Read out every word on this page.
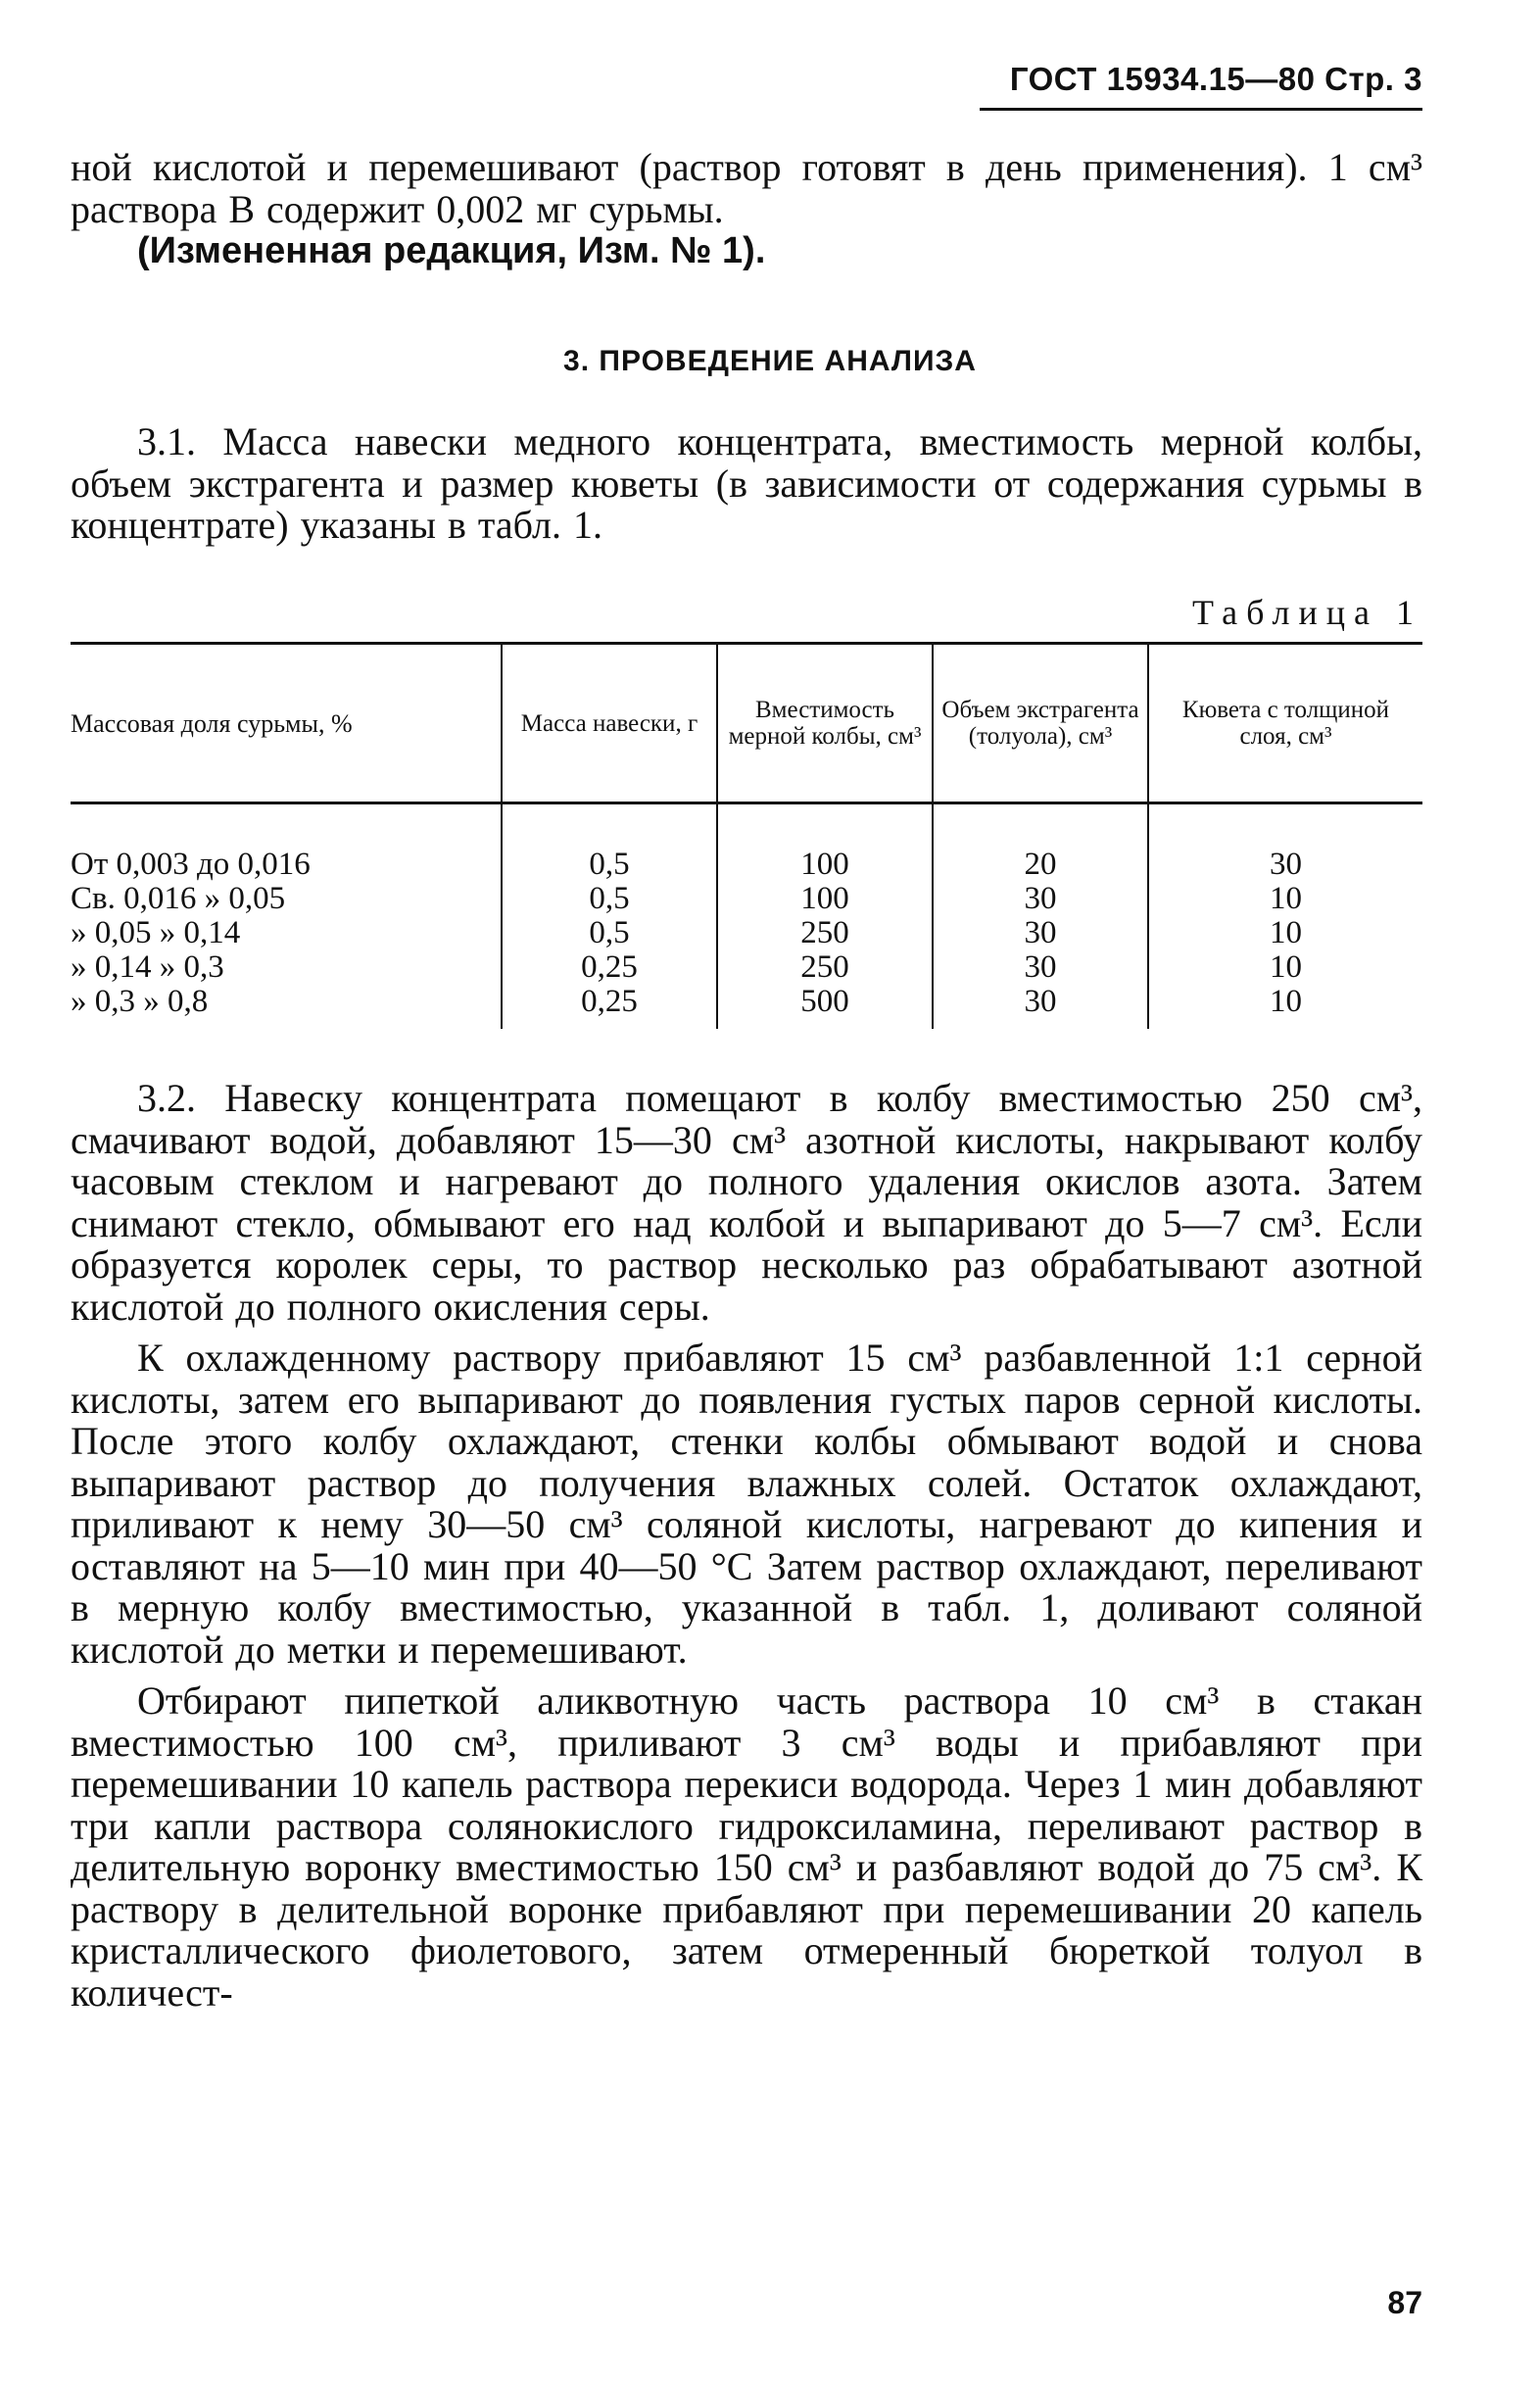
ГОСТ 15934.15—80 Стр. 3

ной кислотой и перемешивают (раствор готовят в день применения). 1 см³ раствора В содержит 0,002 мг сурьмы.

(Измененная редакция, Изм. № 1).

3. ПРОВЕДЕНИЕ АНАЛИЗА

3.1. Масса навески медного концентрата, вместимость мерной колбы, объем экстрагента и размер кюветы (в зависимости от содержания сурьмы в концентрате) указаны в табл. 1.

Таблица 1
Массовая доля сурьмы, %	Масса навески, г	Вместимость мерной колбы, см³	Объем экстрагента (толуола), см³	Кювета с толщиной слоя, см³
От 0,003 до 0,016	0,5	100	20	30
Св. 0,016 » 0,05	0,5	100	30	10
» 0,05 » 0,14	0,5	250	30	10
» 0,14 » 0,3	0,25	250	30	10
» 0,3 » 0,8	0,25	500	30	10

3.2. Навеску концентрата помещают в колбу вместимостью 250 см³, смачивают водой, добавляют 15—30 см³ азотной кислоты, накрывают колбу часовым стеклом и нагревают до полного удаления окислов азота. Затем снимают стекло, обмывают его над колбой и выпаривают до 5—7 см³. Если образуется королек серы, то раствор несколько раз обрабатывают азотной кислотой до полного окисления серы.

К охлажденному раствору прибавляют 15 см³ разбавленной 1:1 серной кислоты, затем его выпаривают до появления густых паров серной кислоты. После этого колбу охлаждают, стенки колбы обмывают водой и снова выпаривают раствор до получения влажных солей. Остаток охлаждают, приливают к нему 30—50 см³ соляной кислоты, нагревают до кипения и оставляют на 5—10 мин при 40—50 °С Затем раствор охлаждают, переливают в мерную колбу вместимостью, указанной в табл. 1, доливают соляной кислотой до метки и перемешивают.

Отбирают пипеткой аликвотную часть раствора 10 см³ в стакан вместимостью 100 см³, приливают 3 см³ воды и прибавляют при перемешивании 10 капель раствора перекиси водорода. Через 1 мин добавляют три капли раствора солянокислого гидроксиламина, переливают раствор в делительную воронку вместимостью 150 см³ и разбавляют водой до 75 см³. К раствору в делительной воронке прибавляют при перемешивании 20 капель кристаллического фиолетового, затем отмеренный бюреткой толуол в количест-

87
